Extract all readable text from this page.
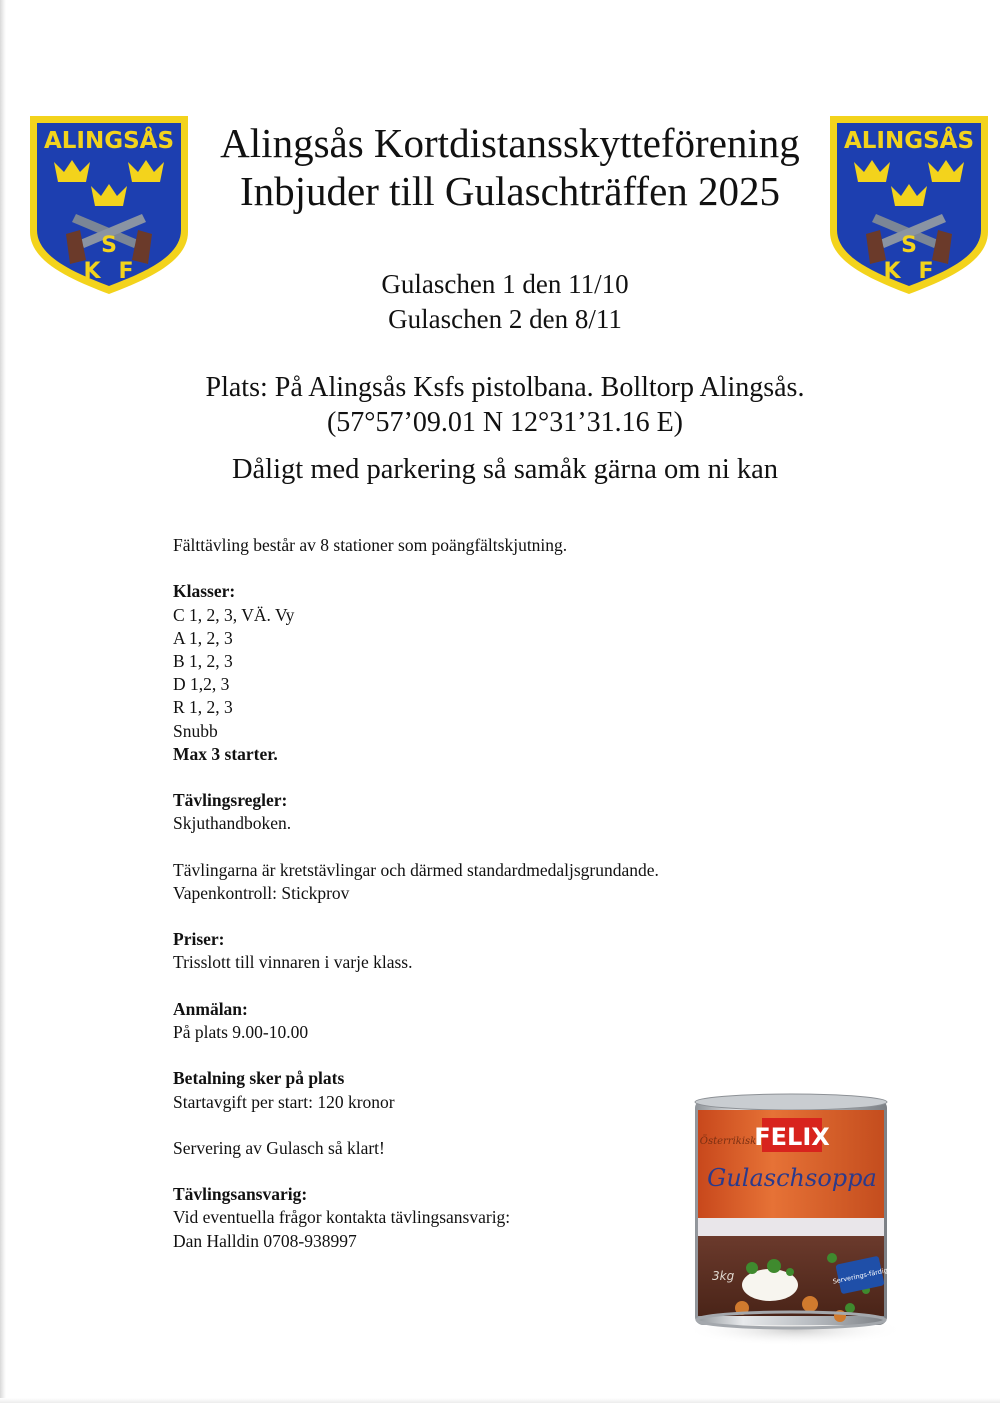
ALINGSÅS
S
K F
ALINGSÅS
S
K F
Alingsås Kortdistansskytteförening
Inbjuder till Gulaschträffen 2025
Gulaschen 1 den 11/10
Gulaschen 2 den 8/11
Plats: På Alingsås Ksfs pistolbana. Bolltorp Alingsås.
(57°57’09.01 N 12°31’31.16 E)
Dåligt med parkering så samåk gärna om ni kan
Fälttävling består av 8 stationer som poängfältskjutning.
Klasser:
C 1, 2, 3, VÄ. Vy
A 1, 2, 3
B 1, 2, 3
D 1,2, 3
R 1, 2, 3
Snubb
Max 3 starter.
Tävlingsregler:
Skjuthandboken.
Tävlingarna är kretstävlingar och därmed standardmedaljsgrundande.
Vapenkontroll: Stickprov
Priser:
Trisslott till vinnaren i varje klass.
Anmälan:
På plats 9.00-10.00
Betalning sker på plats
Startavgift per start: 120 kronor
Servering av Gulasch så klart!
Tävlingsansvarig:
Vid eventuella frågor kontakta tävlingsansvarig:
Dan Halldin 0708-938997
FELIX
Österrikisk
Gulaschsoppa
Serverings-färdig
3kg
